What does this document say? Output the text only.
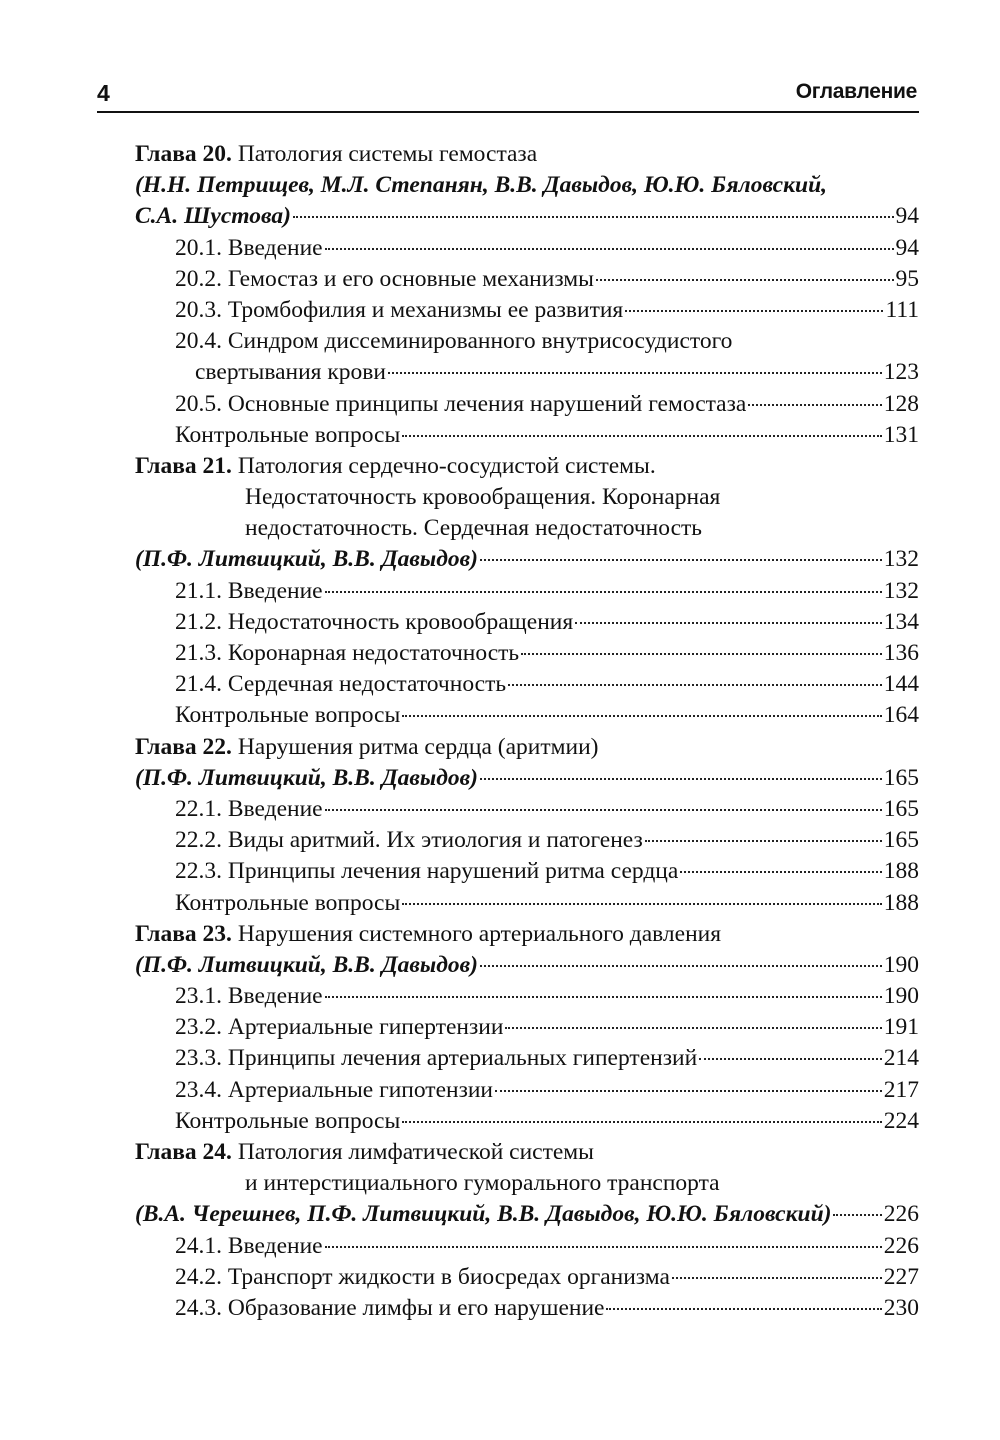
4	Оглавление
Глава 20.
Патология системы гемостаза
(Н.Н. Петрищев, М.Л. Степанян, В.В. Давыдов, Ю.Ю. Бяловский,
С.А. Шустова)	94
20.1. Введение	94
20.2. Гемостаз и его основные механизмы	95
20.3. Тромбофилия и механизмы ее развития	111
20.4. Синдром диссеминированного внутрисосудистого
свертывания крови	123
20.5. Основные принципы лечения нарушений гемостаза	128
Контрольные вопросы	131
Глава 21.
Патология сердечно-сосудистой системы.
Недостаточность кровообращения. Коронарная
недостаточность. Сердечная недостаточность
(П.Ф. Литвицкий, В.В. Давыдов)	132
21.1. Введение	132
21.2. Недостаточность кровообращения	134
21.3. Коронарная недостаточность	136
21.4. Сердечная недостаточность	144
Контрольные вопросы	164
Глава 22.
Нарушения ритма сердца (аритмии)
(П.Ф. Литвицкий, В.В. Давыдов)	165
22.1. Введение	165
22.2. Виды аритмий. Их этиология и патогенез	165
22.3. Принципы лечения нарушений ритма сердца	188
Контрольные вопросы	188
Глава 23.
Нарушения системного артериального давления
(П.Ф. Литвицкий, В.В. Давыдов)	190
23.1. Введение	190
23.2. Артериальные гипертензии	191
23.3. Принципы лечения артериальных гипертензий	214
23.4. Артериальные гипотензии	217
Контрольные вопросы	224
Глава 24.
Патология лимфатической системы
и интерстициального гуморального транспорта
(В.А. Черешнев, П.Ф. Литвицкий, В.В. Давыдов, Ю.Ю. Бяловский) 226
24.1. Введение	226
24.2. Транспорт жидкости в биосредах организма	227
24.3. Образование лимфы и его нарушение	230
